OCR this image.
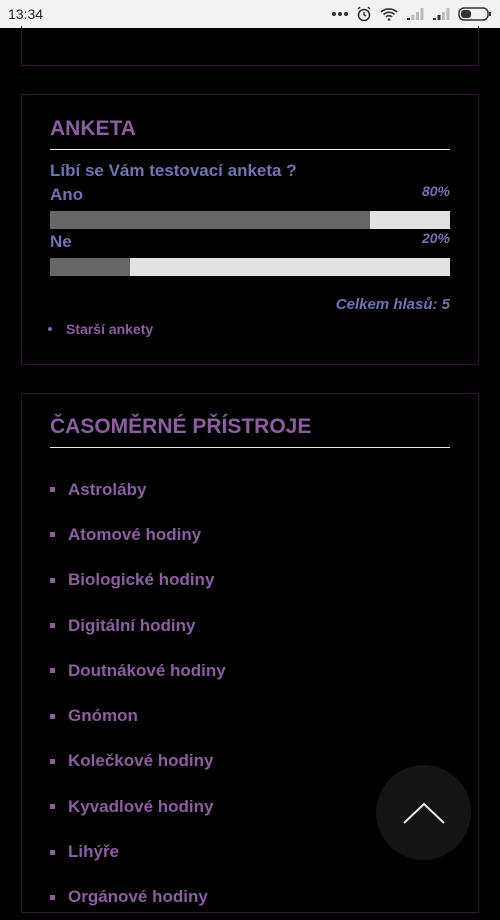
13:34
ANKETA
Líbí se Vám testovací anketa ?
Ano	80%
Ne	20%
Celkem hlasů: 5
Starší ankety
ČASOMĚRNÉ PŘÍSTROJE
Astroláby
Atomové hodiny
Biologické hodiny
Digitální hodiny
Doutnákové hodiny
Gnómon
Kolečkové hodiny
Kyvadlové hodiny
Lihýře
Orgánové hodiny
